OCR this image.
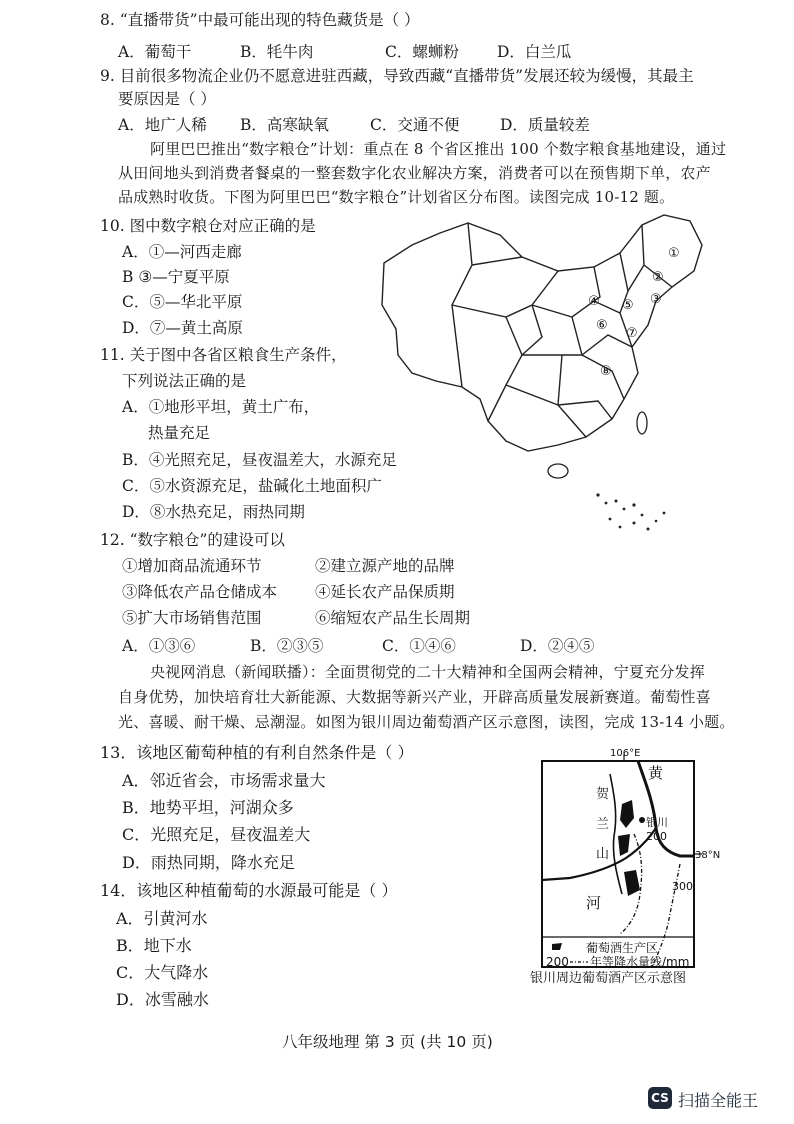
8. “直播带货”中最可能出现的特色藏货是（ ）
A．葡萄干	B．牦牛肉	C．螺蛳粉 D．白兰瓜
9. 目前很多物流企业仍不愿意进驻西藏，导致西藏“直播带货”发展还较为缓慢，其最主
要原因是（ ）
A．地广人稀 B．高寒缺氧	C．交通不便	D．质量较差
阿里巴巴推出“数字粮仓”计划：重点在 8 个省区推出 100 个数字粮食基地建设，通过
从田间地头到消费者餐桌的一整套数字化农业解决方案，消费者可以在预售期下单，农产
品成熟时收货。下图为阿里巴巴“数字粮仓”计划省区分布图。读图完成 10-12 题。
10. 图中数字粮仓对应正确的是
A．①—河西走廊
B ③—宁夏平原
C．⑤—华北平原
D．⑦—黄土高原
11. 关于图中各省区粮食生产条件，
下列说法正确的是
A．①地形平坦，黄土广布，
热量充足
B．④光照充足，昼夜温差大，水源充足
C．⑤水资源充足，盐碱化土地面积广
D．⑧水热充足，雨热同期
①
②
③
④ ⑤
⑥
⑦
⑧
12. “数字粮仓”的建设可以
①增加商品流通环节	②建立源产地的品牌
③降低农产品仓储成本 ④延长农产品保质期
⑤扩大市场销售范围	⑥缩短农产品生长周期
A．①③⑥	B．②③⑤	C．①④⑥	D．②④⑤
央视网消息（新闻联播）：全面贯彻党的二十大精神和全国两会精神，宁夏充分发挥
自身优势，加快培育壮大新能源、大数据等新兴产业，开辟高质量发展新赛道。葡萄性喜
光、喜暖、耐干燥、忌潮湿。如图为银川周边葡萄酒产区示意图，读图，完成 13-14 小题。
13．该地区葡萄种植的有利自然条件是（ ）
A．邻近省会，市场需求量大
B．地势平坦，河湖众多
C．光照充足，昼夜温差大
D．雨热同期，降水充足
14．该地区种植葡萄的水源最可能是（ ）
A．引黄河水
B．地下水
C．大气降水
D．冰雪融水
106°E
38°N
黄
河
贺
兰
山
银川
200
300
葡萄酒生产区
200 年等降水量线/mm
银川周边葡萄酒产区示意图
八年级地理 第 3 页 (共 10 页)
CS 扫描全能王
